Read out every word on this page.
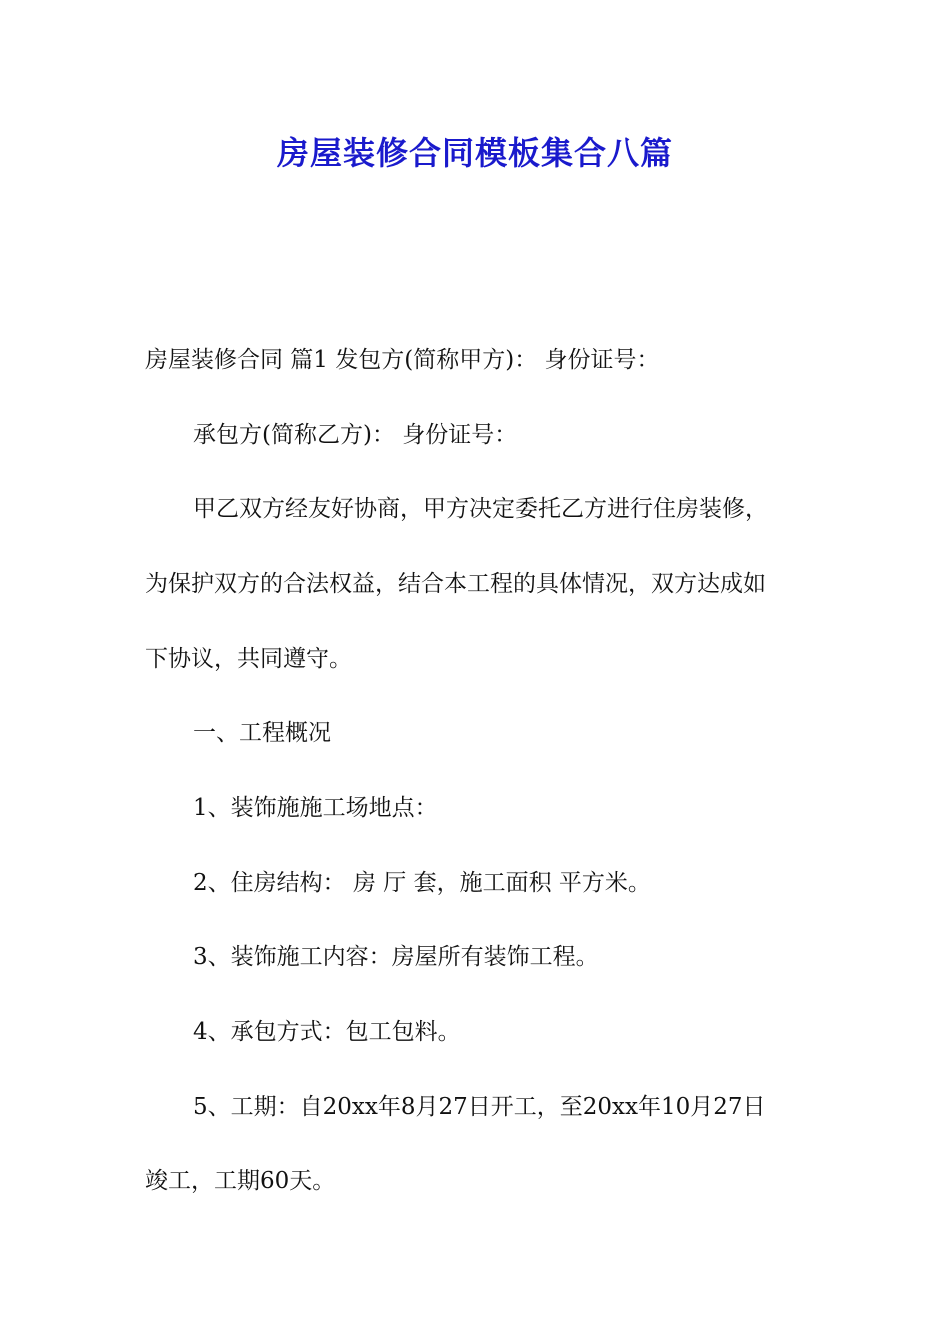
房屋装修合同模板集合八篇
房屋装修合同 篇1 发包方(简称甲方)： 身份证号：
承包方(简称乙方)： 身份证号：
甲乙双方经友好协商，甲方决定委托乙方进行住房装修，
为保护双方的合法权益，结合本工程的具体情况，双方达成如
下协议，共同遵守。
一、工程概况
1、装饰施施工场地点：
2、住房结构： 房 厅 套，施工面积 平方米。
3、装饰施工内容：房屋所有装饰工程。
4、承包方式：包工包料。
5、工期：自20xx年8月27日开工，至20xx年10月27日
竣工，工期60天。
